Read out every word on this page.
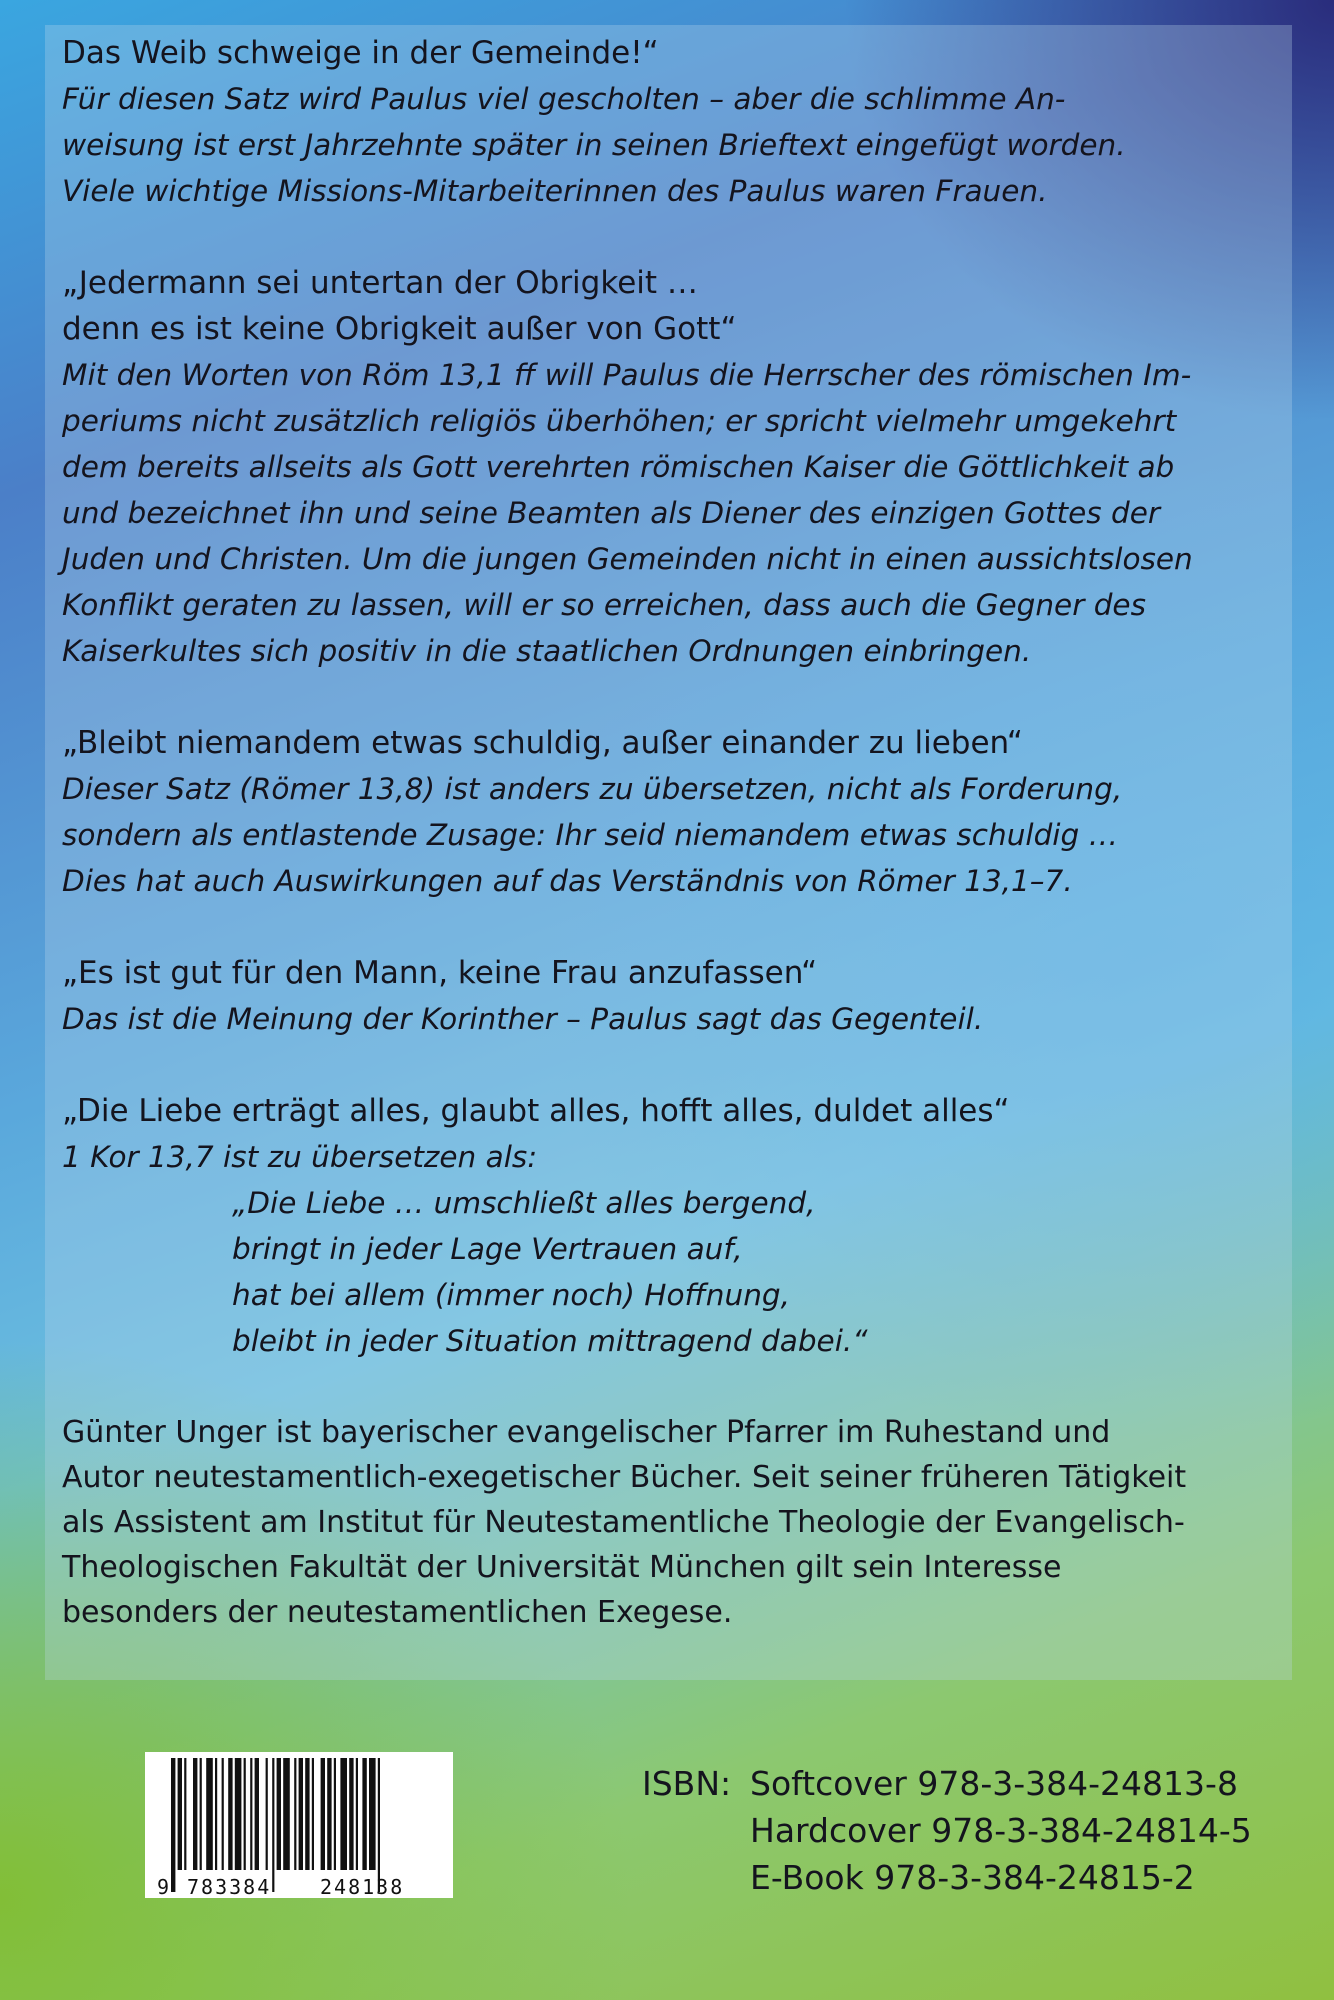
Das Weib schweige in der Gemeinde!“

Für diesen Satz wird Paulus viel gescholten – aber die schlimme An-
weisung ist erst Jahrzehnte später in seinen Brieftext eingefügt worden.
Viele wichtige Missions-Mitarbeiterinnen des Paulus waren Frauen.

„Jedermann sei untertan der Obrigkeit …
denn es ist keine Obrigkeit außer von Gott“

Mit den Worten von Röm 13,1 ff will Paulus die Herrscher des römischen Im-
periums nicht zusätzlich religiös überhöhen; er spricht vielmehr umgekehrt
dem bereits allseits als Gott verehrten römischen Kaiser die Göttlichkeit ab
und bezeichnet ihn und seine Beamten als Diener des einzigen Gottes der
Juden und Christen. Um die jungen Gemeinden nicht in einen aussichtslosen
Konflikt geraten zu lassen, will er so erreichen, dass auch die Gegner des
Kaiserkultes sich positiv in die staatlichen Ordnungen einbringen.

„Bleibt niemandem etwas schuldig, außer einander zu lieben“

Dieser Satz (Römer 13,8) ist anders zu übersetzen, nicht als Forderung,
sondern als entlastende Zusage: Ihr seid niemandem etwas schuldig …
Dies hat auch Auswirkungen auf das Verständnis von Römer 13,1–7.

„Es ist gut für den Mann, keine Frau anzufassen“

Das ist die Meinung der Korinther – Paulus sagt das Gegenteil.

„Die Liebe erträgt alles, glaubt alles, hofft alles, duldet alles“

1 Kor 13,7 ist zu übersetzen als:

„Die Liebe … umschließt alles bergend,
bringt in jeder Lage Vertrauen auf,
hat bei allem (immer noch) Hoffnung,
bleibt in jeder Situation mittragend dabei.“

Günter Unger ist bayerischer evangelischer Pfarrer im Ruhestand und
Autor neutestamentlich-exegetischer Bücher. Seit seiner früheren Tätigkeit
als Assistent am Institut für Neutestamentliche Theologie der Evangelisch-
Theologischen Fakultät der Universität München gilt sein Interesse
besonders der neutestamentlichen Exegese.

9 783384 248138
ISBN: Softcover
978-3-384-24813-8
Hardcover
978-3-384-24814-5
E-Book
978-3-384-24815-2
